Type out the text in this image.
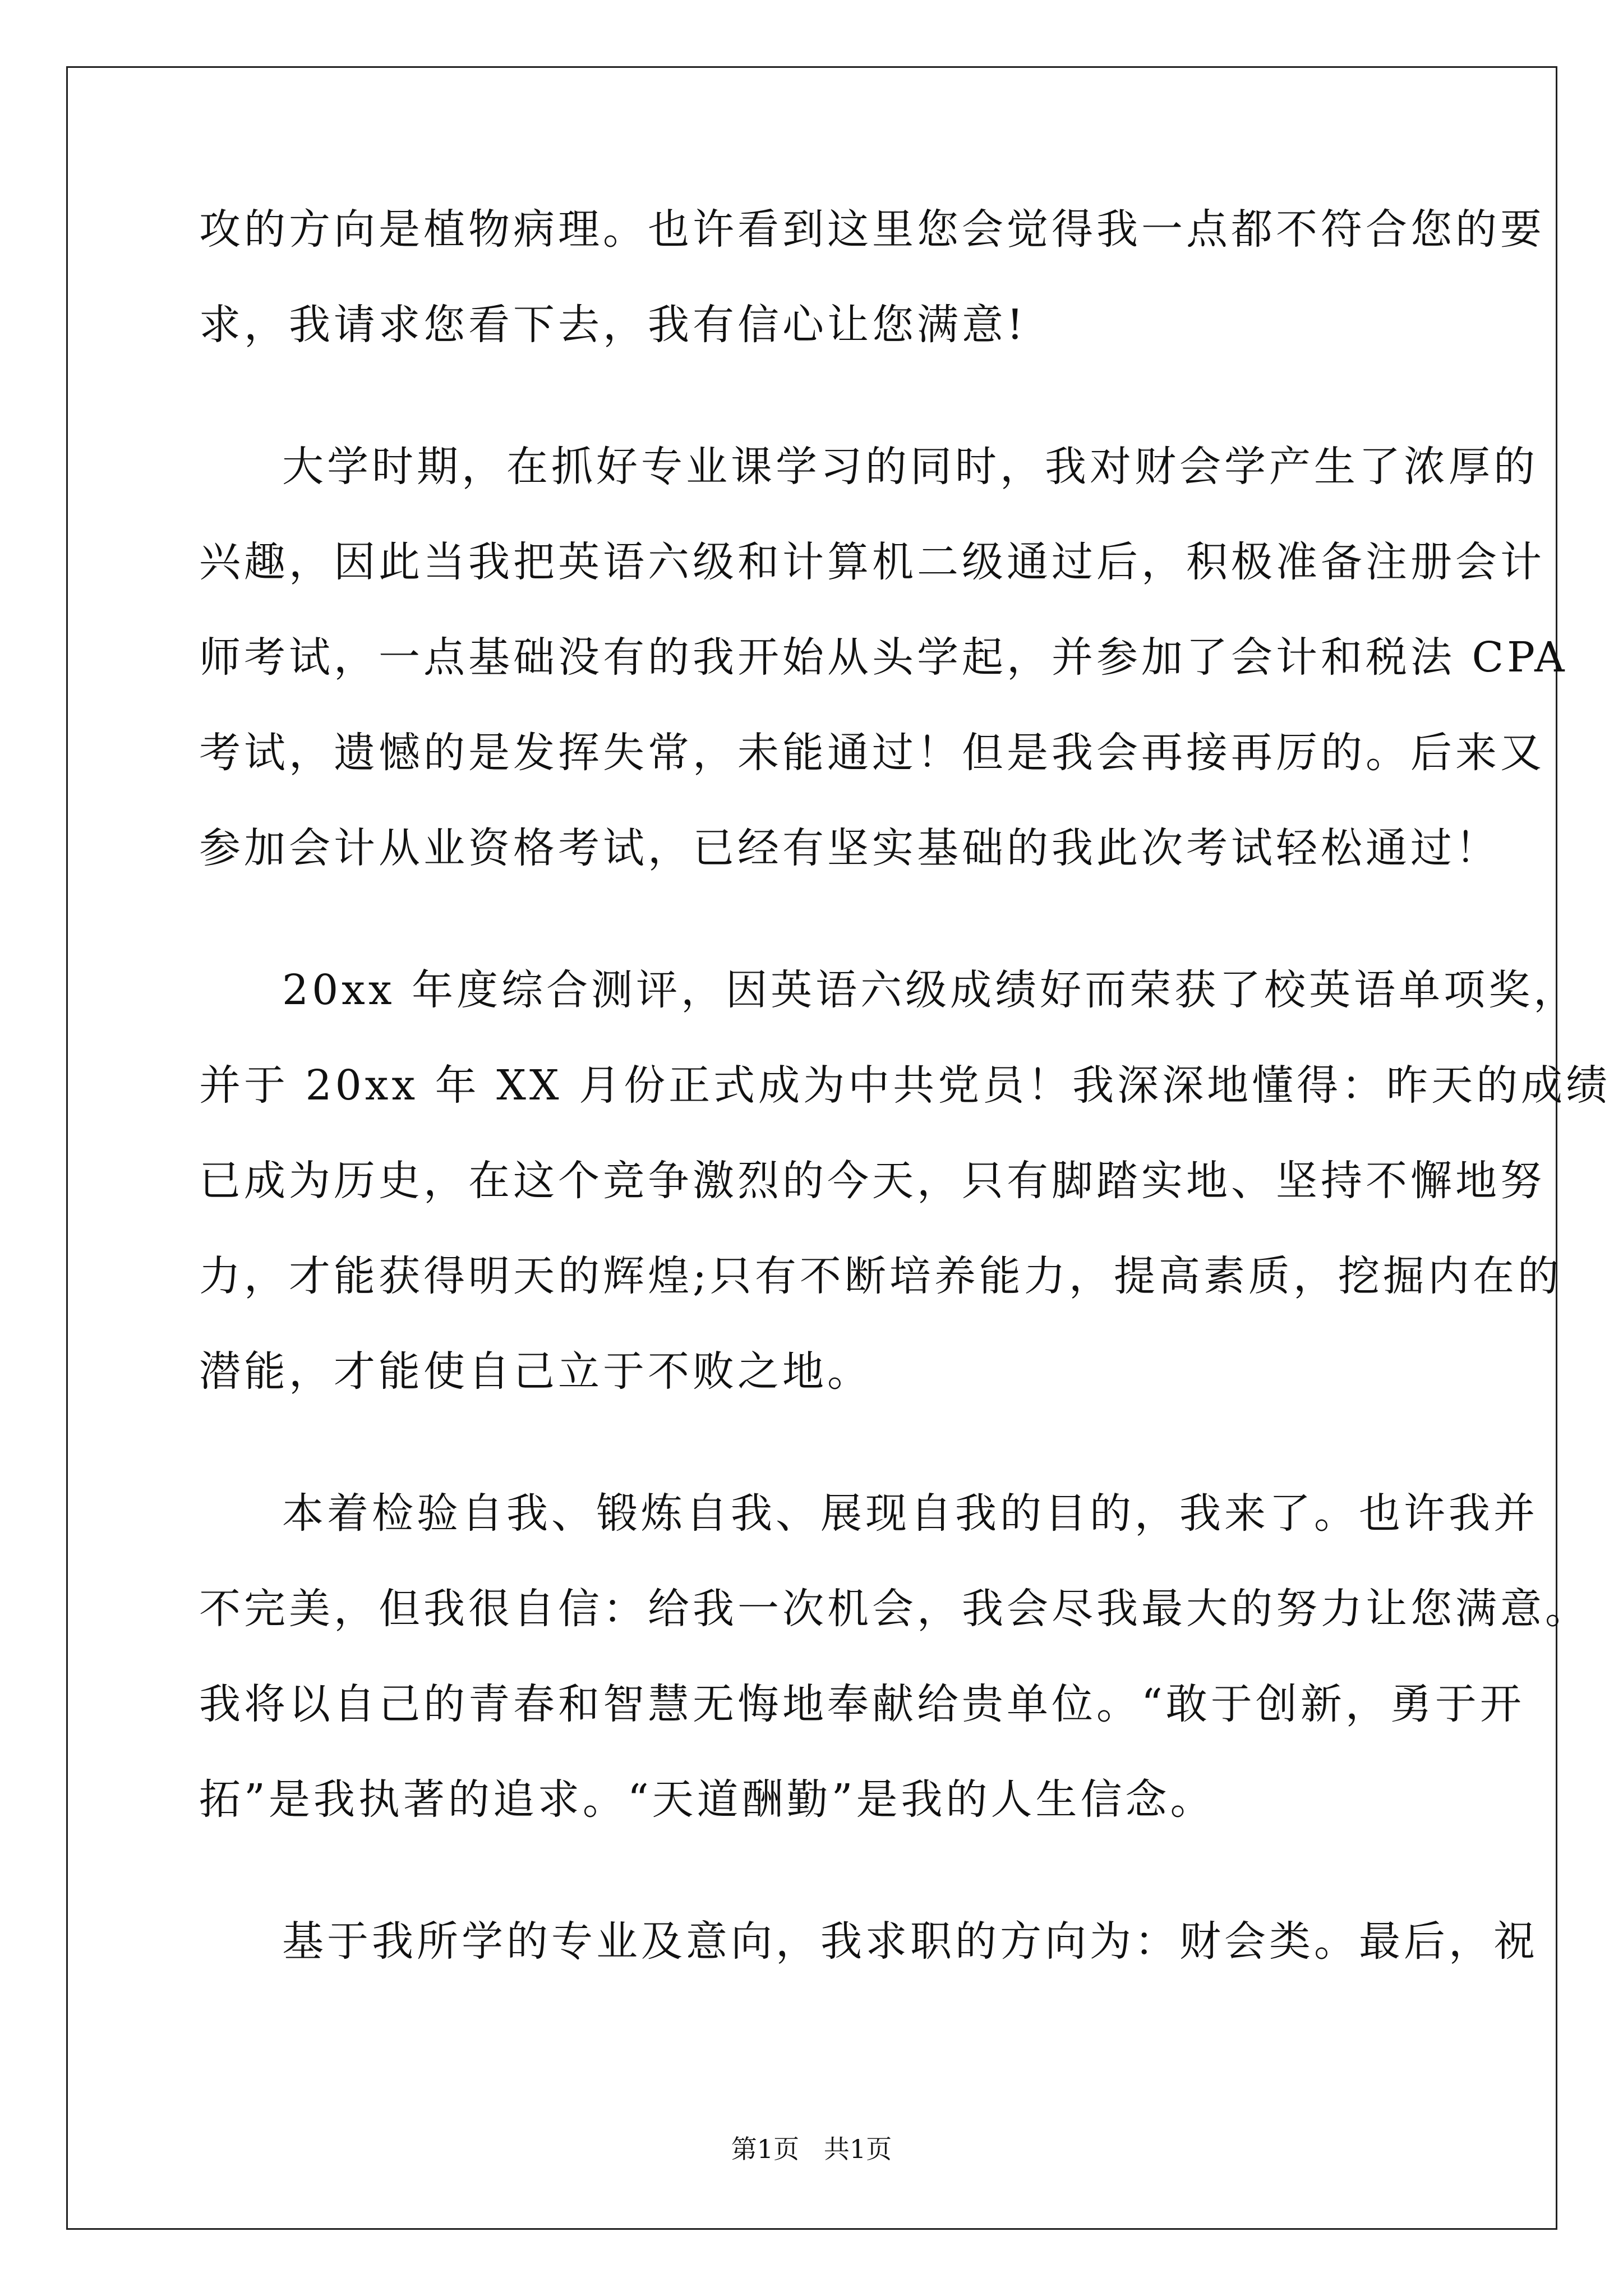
攻的方向是植物病理。也许看到这里您会觉得我一点都不符合您的要
求，我请求您看下去，我有信心让您满意!
大学时期，在抓好专业课学习的同时，我对财会学产生了浓厚的
兴趣，因此当我把英语六级和计算机二级通过后，积极准备注册会计
师考试，一点基础没有的我开始从头学起，并参加了会计和税法 CPA
考试，遗憾的是发挥失常，未能通过！但是我会再接再厉的。后来又
参加会计从业资格考试，已经有坚实基础的我此次考试轻松通过！
20xx 年度综合测评，因英语六级成绩好而荣获了校英语单项奖，
并于 20xx 年 XX 月份正式成为中共党员！我深深地懂得：昨天的成绩
已成为历史，在这个竞争激烈的今天，只有脚踏实地、坚持不懈地努
力，才能获得明天的辉煌;只有不断培养能力，提高素质，挖掘内在的
潜能，才能使自己立于不败之地。
本着检验自我、锻炼自我、展现自我的目的，我来了。也许我并
不完美，但我很自信：给我一次机会，我会尽我最大的努力让您满意。
我将以自己的青春和智慧无悔地奉献给贵单位。“敢于创新，勇于开
拓”是我执著的追求。“天道酬勤”是我的人生信念。
基于我所学的专业及意向，我求职的方向为：财会类。最后，祝
第1页   共1页
